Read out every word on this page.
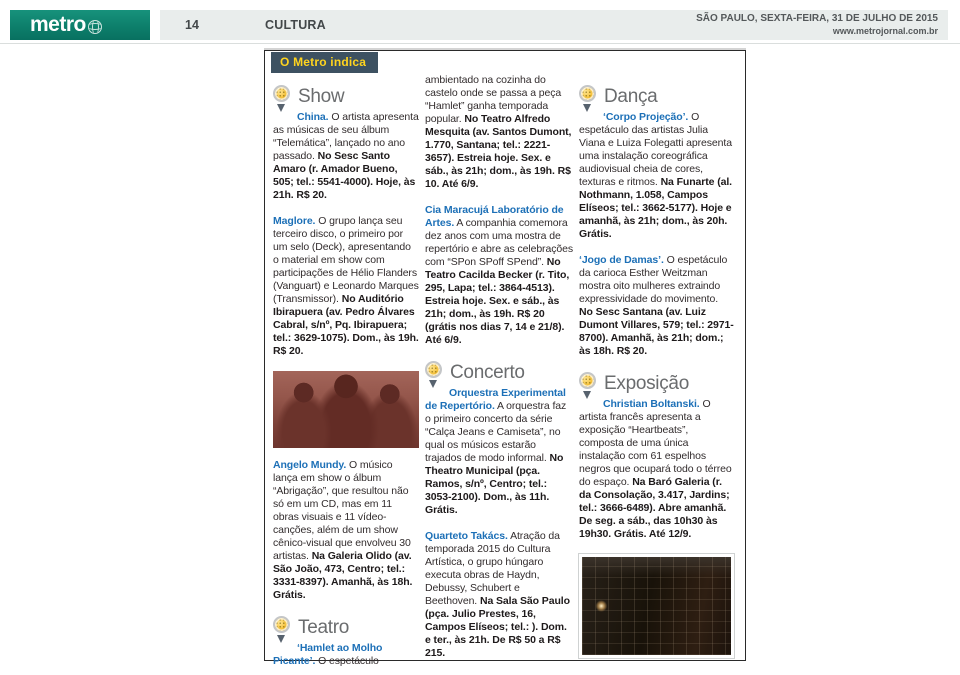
metro	14	CULTURA	SÃO PAULO, SEXTA-FEIRA, 31 DE JULHO DE 2015
www.metrojornal.com.br
O Metro indica
Show

China. O artista apresenta as músicas de seu álbum “Telemática”, lançado no ano passado. No Sesc Santo Amaro (r. Amador Bueno, 505; tel.: 5541-4000). Hoje, às 21h. R$ 20.

Maglore. O grupo lança seu terceiro disco, o primeiro por um selo (Deck), apresentando o material em show com participações de Hélio Flanders (Vanguart) e Leonardo Marques (Transmissor). No Auditório Ibirapuera (av. Pedro Álvares Cabral, s/nº, Pq. Ibirapuera; tel.: 3629-1075). Dom., às 19h. R$ 20.

Angelo Mundy. O músico lança em show o álbum “Abrigação”, que resultou não só em um CD, mas em 11 obras visuais e 11 vídeo-canções, além de um show cênico-visual que envolveu 30 artistas. Na Galeria Olido (av. São João, 473, Centro; tel.: 3331-8397). Amanhã, às 18h. Grátis.

Teatro

‘Hamlet ao Molho Picante’. O espetáculo

ambientado na cozinha do castelo onde se passa a peça “Hamlet” ganha temporada popular. No Teatro Alfredo Mesquita (av. Santos Dumont, 1.770, Santana; tel.: 2221-3657). Estreia hoje. Sex. e sáb., às 21h; dom., às 19h. R$ 10. Até 6/9.

Cia Maracujá Laboratório de Artes. A companhia comemora dez anos com uma mostra de repertório e abre as celebrações com “SPon SPoff SPend”. No Teatro Cacilda Becker (r. Tito, 295, Lapa; tel.: 3864-4513). Estreia hoje. Sex. e sáb., às 21h; dom., às 19h. R$ 20 (grátis nos dias 7, 14 e 21/8). Até 6/9.

Concerto

Orquestra Experimental de Repertório. A orquestra faz o primeiro concerto da série “Calça Jeans e Camiseta”, no qual os músicos estarão trajados de modo informal. No Theatro Municipal (pça. Ramos, s/nº, Centro; tel.: 3053-2100). Dom., às 11h. Grátis.

Quarteto Takács. Atração da temporada 2015 do Cultura Artística, o grupo húngaro executa obras de Haydn, Debussy, Schubert e Beethoven. Na Sala São Paulo (pça. Julio Prestes, 16, Campos Elíseos; tel.: ). Dom. e ter., às 21h. De R$ 50 a R$ 215.

Dança

‘Corpo Projeção’. O espetáculo das artistas Julia Viana e Luiza Folegatti apresenta uma instalação coreográfica audiovisual cheia de cores, texturas e ritmos. Na Funarte (al. Nothmann, 1.058, Campos Elíseos; tel.: 3662-5177). Hoje e amanhã, às 21h; dom., às 20h. Grátis.

‘Jogo de Damas’. O espetáculo da carioca Esther Weitzman mostra oito mulheres extraindo expressividade do movimento. No Sesc Santana (av. Luiz Dumont Villares, 579; tel.: 2971-8700). Amanhã, às 21h; dom.; às 18h. R$ 20.

Exposição

Christian Boltanski. O artista francês apresenta a exposição “Heartbeats”, composta de uma única instalação com 61 espelhos negros que ocupará todo o térreo do espaço. Na Baró Galeria (r. da Consolação, 3.417, Jardins; tel.: 3666-6489). Abre amanhã. De seg. a sáb., das 10h30 às 19h30. Grátis. Até 12/9.
